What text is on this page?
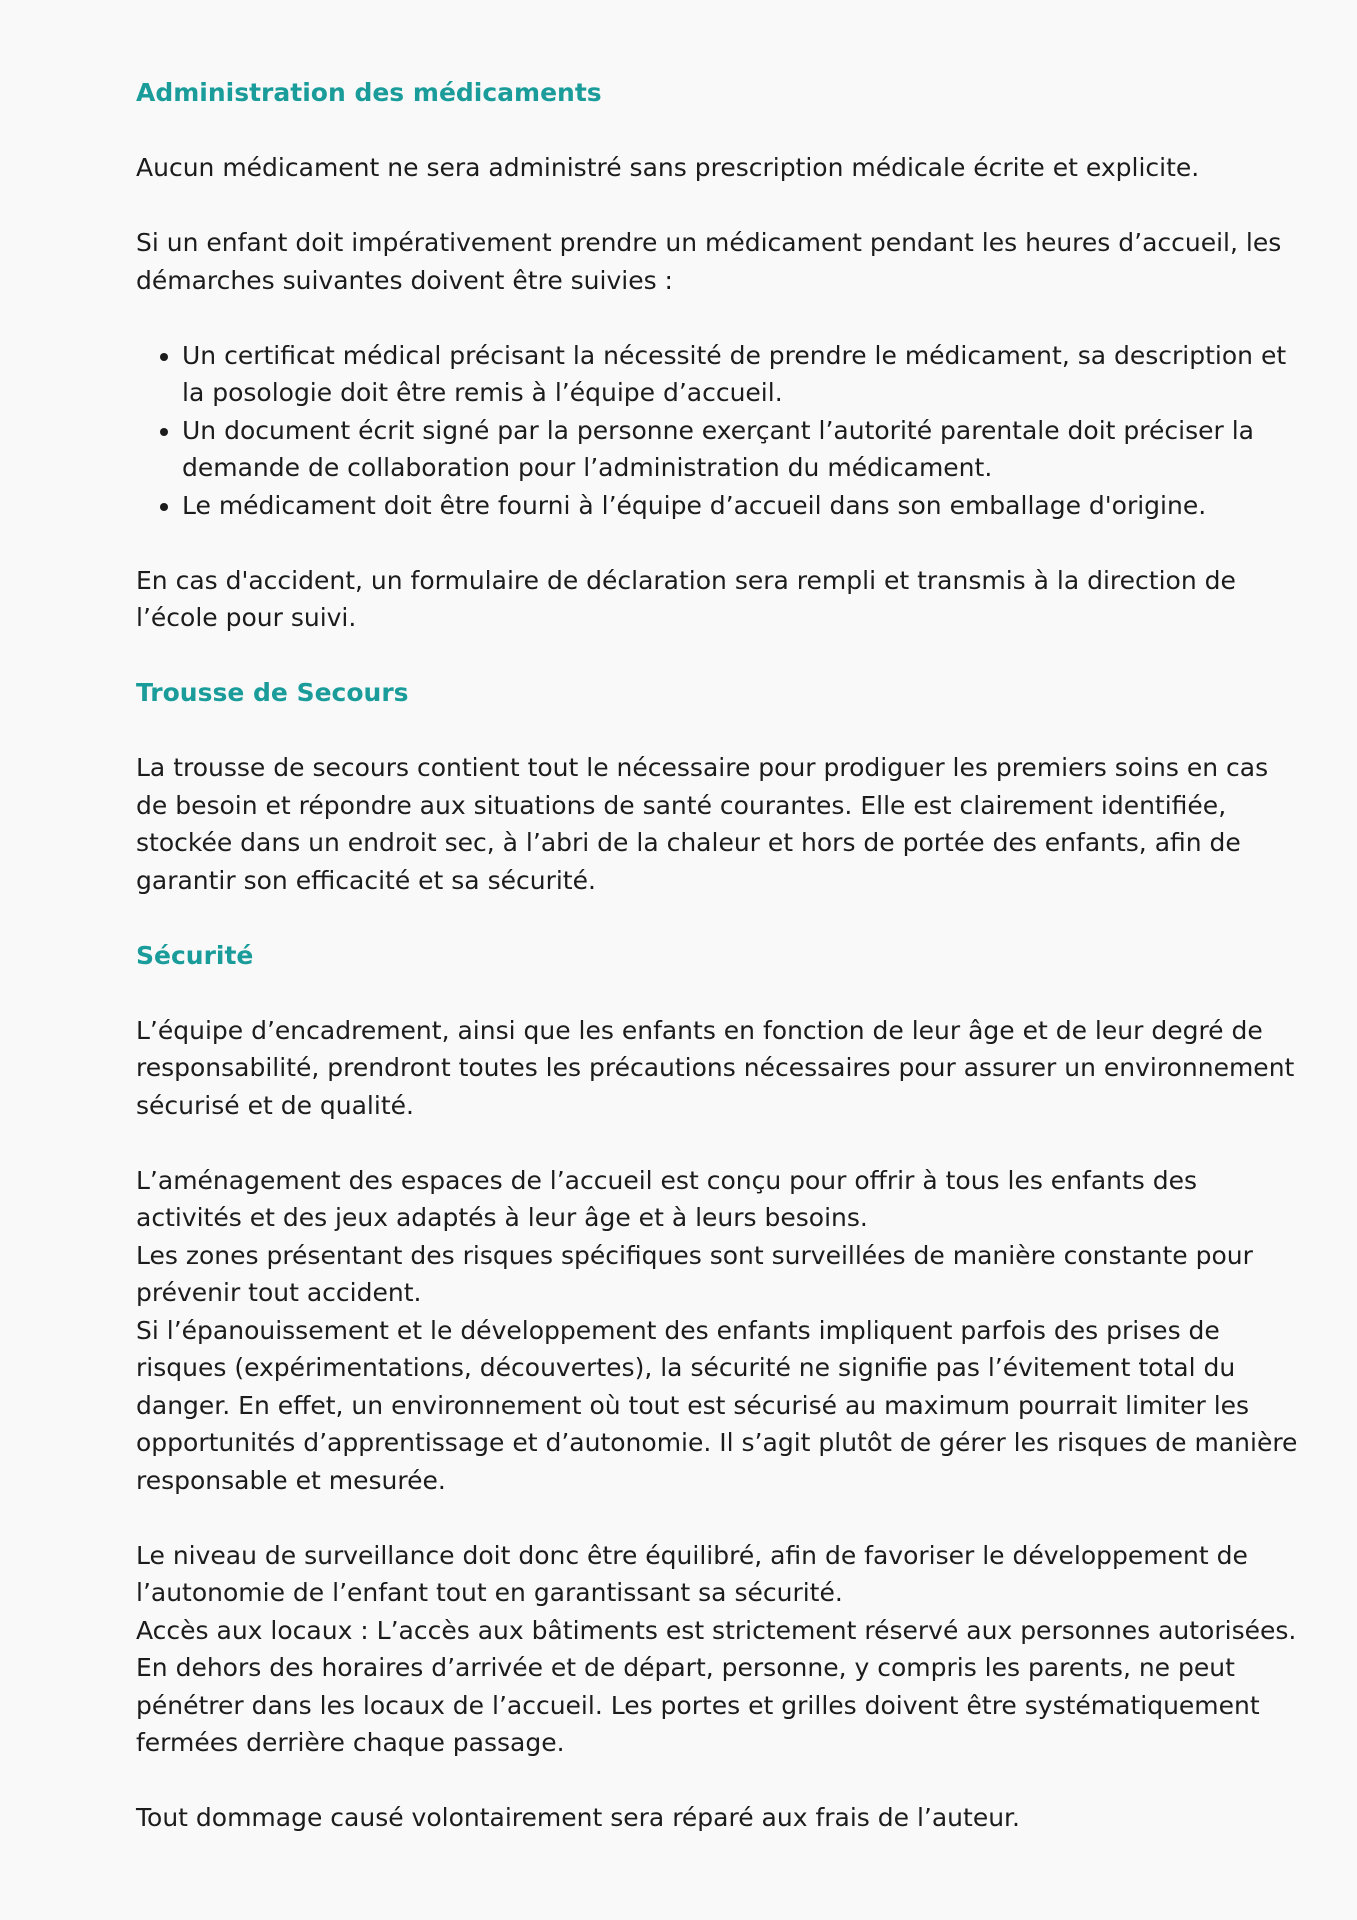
Administration des médicaments

Aucun médicament ne sera administré sans prescription médicale écrite et explicite.

Si un enfant doit impérativement prendre un médicament pendant les heures d’accueil, les démarches suivantes doivent être suivies :

• Un certificat médical précisant la nécessité de prendre le médicament, sa description et la posologie doit être remis à l’équipe d’accueil.
• Un document écrit signé par la personne exerçant l’autorité parentale doit préciser la demande de collaboration pour l’administration du médicament.
• Le médicament doit être fourni à l’équipe d’accueil dans son emballage d'origine.

En cas d'accident, un formulaire de déclaration sera rempli et transmis à la direction de l’école pour suivi.

Trousse de Secours

La trousse de secours contient tout le nécessaire pour prodiguer les premiers soins en cas de besoin et répondre aux situations de santé courantes. Elle est clairement identifiée, stockée dans un endroit sec, à l’abri de la chaleur et hors de portée des enfants, afin de garantir son efficacité et sa sécurité.

Sécurité

L’équipe d’encadrement, ainsi que les enfants en fonction de leur âge et de leur degré de responsabilité, prendront toutes les précautions nécessaires pour assurer un environnement sécurisé et de qualité.

L’aménagement des espaces de l’accueil est conçu pour offrir à tous les enfants des activités et des jeux adaptés à leur âge et à leurs besoins.

Les zones présentant des risques spécifiques sont surveillées de manière constante pour prévenir tout accident.

Si l’épanouissement et le développement des enfants impliquent parfois des prises de risques (expérimentations, découvertes), la sécurité ne signifie pas l’évitement total du danger. En effet, un environnement où tout est sécurisé au maximum pourrait limiter les opportunités d’apprentissage et d’autonomie. Il s’agit plutôt de gérer les risques de manière responsable et mesurée.

Le niveau de surveillance doit donc être équilibré, afin de favoriser le développement de l’autonomie de l’enfant tout en garantissant sa sécurité.

Accès aux locaux : L’accès aux bâtiments est strictement réservé aux personnes autorisées. En dehors des horaires d’arrivée et de départ, personne, y compris les parents, ne peut pénétrer dans les locaux de l’accueil. Les portes et grilles doivent être systématiquement fermées derrière chaque passage.

Tout dommage causé volontairement sera réparé aux frais de l’auteur.
